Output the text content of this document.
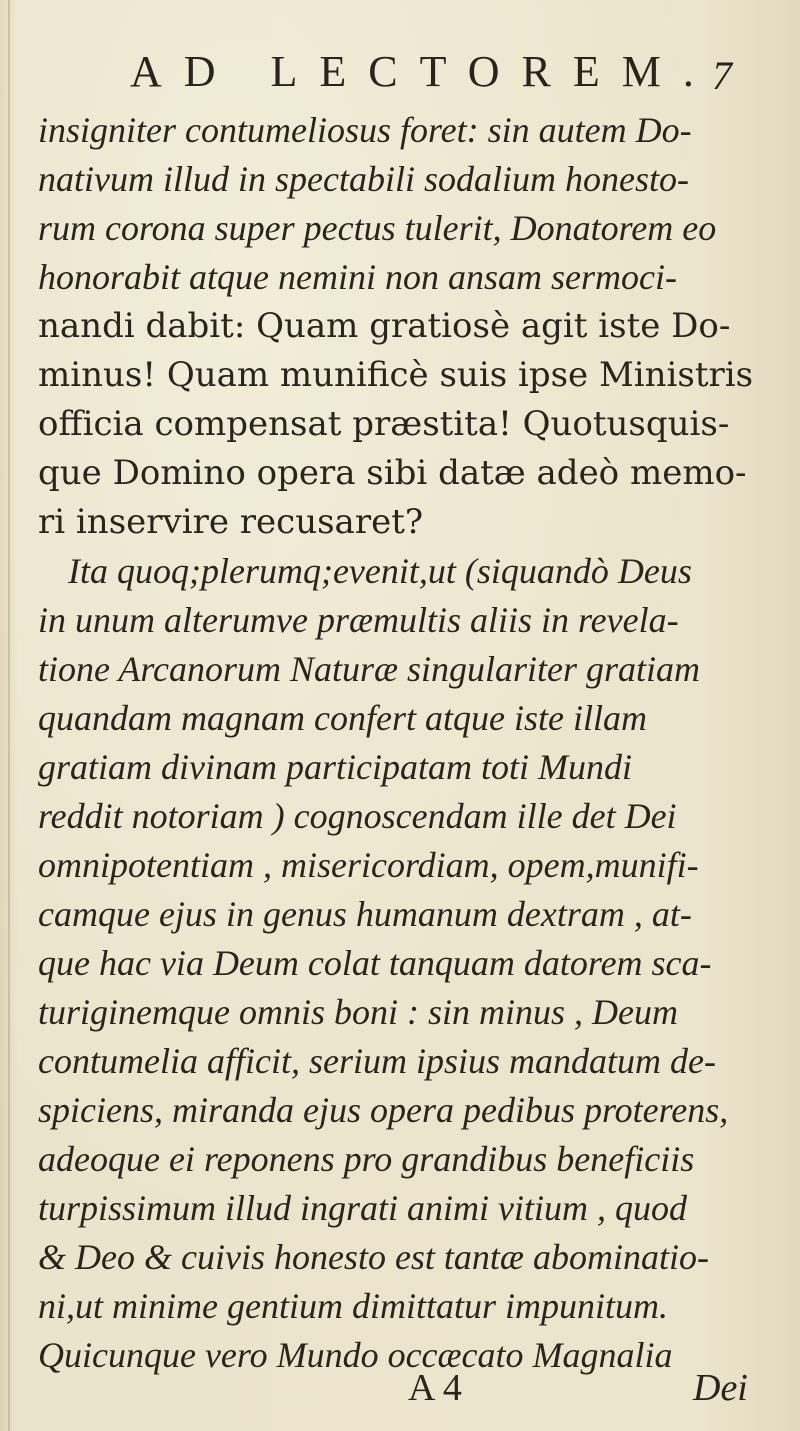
AD LECTOREM.
7
insigniter contumeliosus foret: sin autem Do-
nativum illud in spectabili sodalium honesto-
rum corona super pectus tulerit, Donatorem eo
honorabit atque nemini non ansam sermoci-
nandi dabit: Quam gratiosè agit iste Do-
minus! Quam munificè suis ipse Ministris
officia compensat præstita! Quotusquis-
que Domino opera sibi datæ adeò memo-
ri inservire recusaret?
Ita quoq;plerumq;evenit,ut (siquandò Deus
in unum alterumve præmultis aliis in revela-
tione Arcanorum Naturæ singulariter gratiam
quandam magnam confert atque iste illam
gratiam divinam participatam toti Mundi
reddit notoriam ) cognoscendam ille det Dei
omnipotentiam , misericordiam, opem,munifi-
camque ejus in genus humanum dextram , at-
que hac via Deum colat tanquam datorem sca-
turiginemque omnis boni : sin minus , Deum
contumelia afficit, serium ipsius mandatum de-
spiciens, miranda ejus opera pedibus proterens,
adeoque ei reponens pro grandibus beneficiis
turpissimum illud ingrati animi vitium , quod
& Deo & cuivis honesto est tantæ abominatio-
ni,ut minime gentium dimittatur impunitum.
Quicunque vero Mundo occæcato Magnalia
A 4	Dei
